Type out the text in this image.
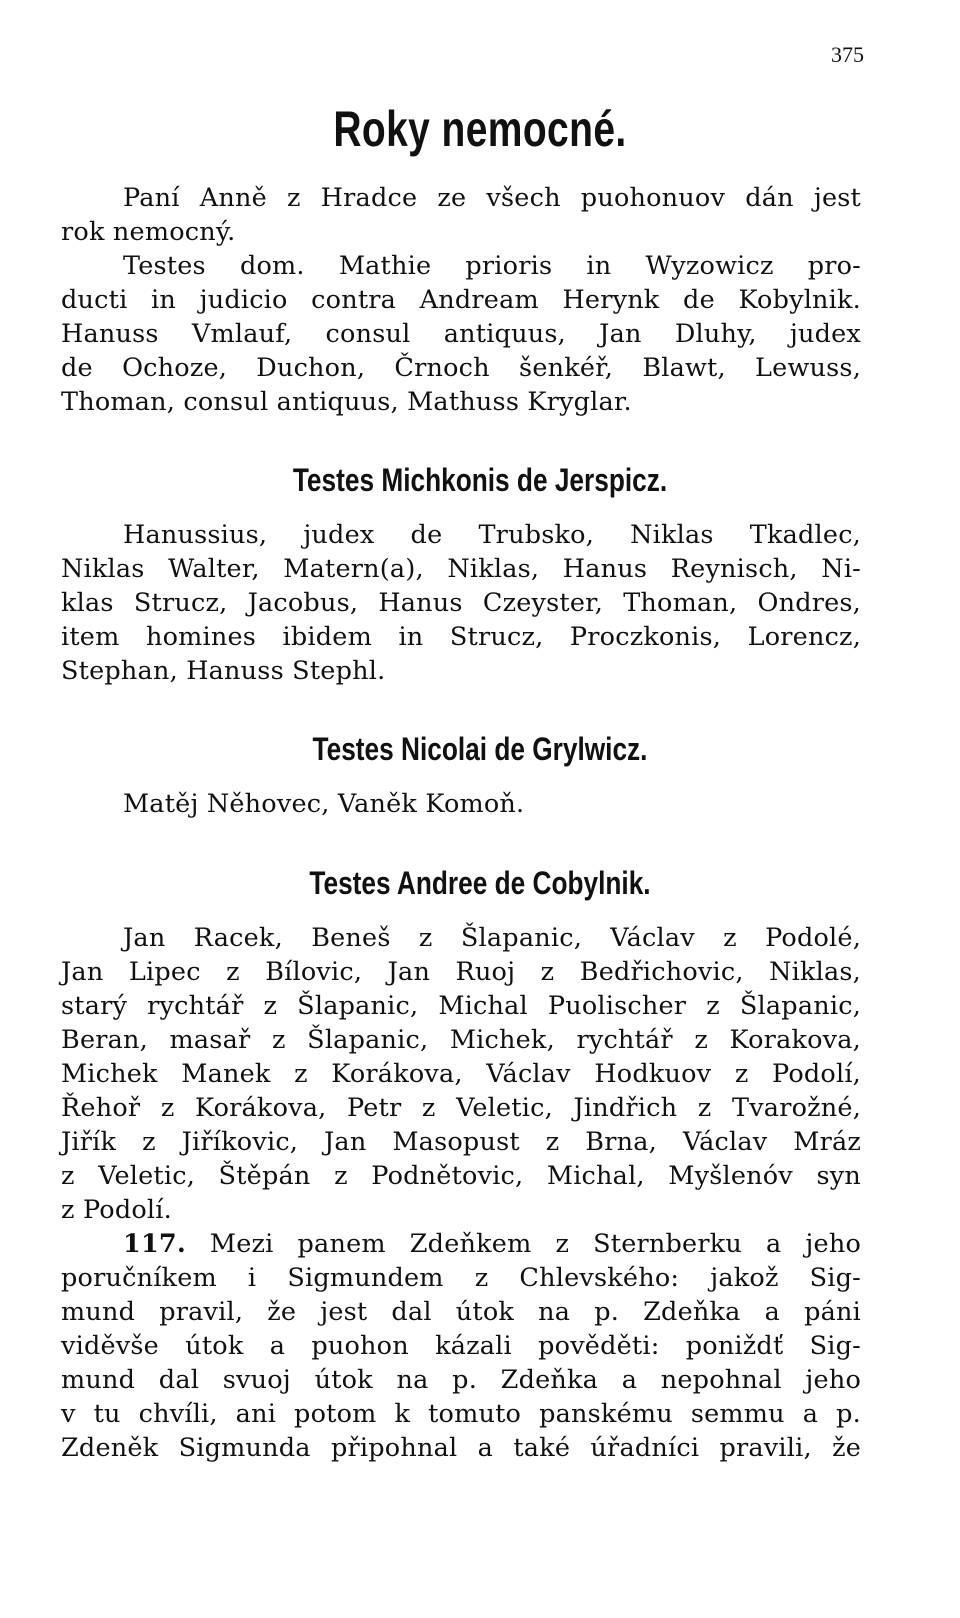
375
Roky nemocné.
Paní Anně z Hradce ze všech puohonuov dán jest
rok nemocný.
Testes dom. Mathie prioris in Wyzowicz pro-
ducti in judicio contra Andream Herynk de Kobylnik.
Hanuss Vmlauf, consul antiquus, Jan Dluhy, judex
de Ochoze, Duchon, Črnoch šenkéř, Blawt, Lewuss,
Thoman, consul antiquus, Mathuss Kryglar.
Testes Michkonis de Jerspicz.
Hanussius, judex de Trubsko, Niklas Tkadlec,
Niklas Walter, Matern(a), Niklas, Hanus Reynisch, Ni-
klas Strucz, Jacobus, Hanus Czeyster, Thoman, Ondres,
item homines ibidem in Strucz, Proczkonis, Lorencz,
Stephan, Hanuss Stephl.
Testes Nicolai de Grylwicz.
Matěj Něhovec, Vaněk Komoň.
Testes Andree de Cobylnik.
Jan Racek, Beneš z Šlapanic, Václav z Podolé,
Jan Lipec z Bílovic, Jan Ruoj z Bedřichovic, Niklas,
starý rychtář z Šlapanic, Michal Puolischer z Šlapanic,
Beran, masař z Šlapanic, Michek, rychtář z Korakova,
Michek Manek z Korákova, Václav Hodkuov z Podolí,
Řehoř z Korákova, Petr z Veletic, Jindřich z Tvarožné,
Jiřík z Jiříkovic, Jan Masopust z Brna, Václav Mráz
z Veletic, Štěpán z Podnětovic, Michal, Myšlenóv syn
z Podolí.
117. Mezi panem Zdeňkem z Sternberku a jeho
poručníkem i Sigmundem z Chlevského: jakož Sig-
mund pravil, že jest dal útok na p. Zdeňka a páni
viděvše útok a puohon kázali pověděti: poniždť Sig-
mund dal svuoj útok na p. Zdeňka a nepohnal jeho
v tu chvíli, ani potom k tomuto panskému semmu a p.
Zdeněk Sigmunda připohnal a také úřadníci pravili, že
